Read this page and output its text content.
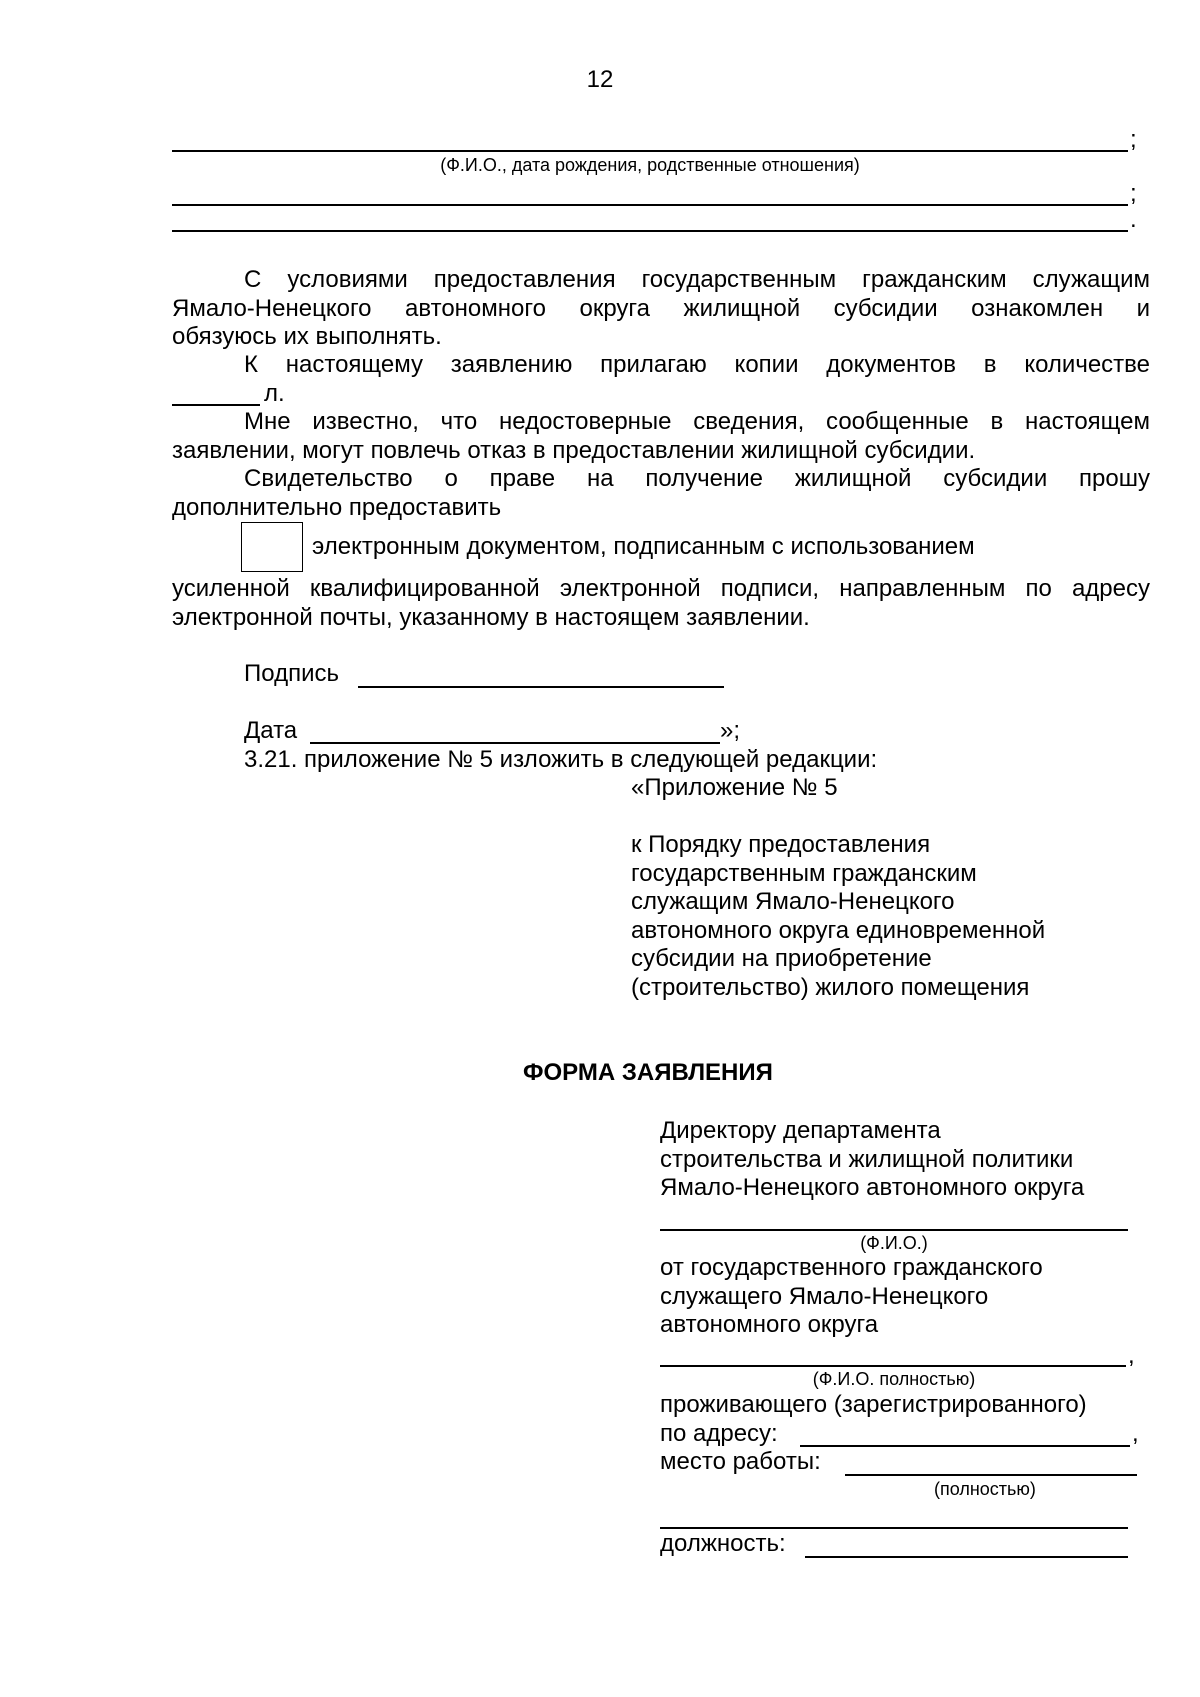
12
;
(Ф.И.О., дата рождения, родственные отношения)
;
.
С условиями предоставления государственным гражданским служащим
Ямало-Ненецкого автономного округа жилищной субсидии ознакомлен и
обязуюсь их выполнять.
К настоящему заявлению прилагаю копии документов в количестве
л.
Мне известно, что недостоверные сведения, сообщенные в настоящем
заявлении, могут повлечь отказ в предоставлении жилищной субсидии.
Свидетельство о праве на получение жилищной субсидии прошу
дополнительно предоставить
электронным документом, подписанным с использованием
усиленной квалифицированной электронной подписи, направленным по адресу
электронной почты, указанному в настоящем заявлении.
Подпись
Дата	»;
3.21. приложение № 5 изложить в следующей редакции:
«Приложение № 5
к Порядку предоставления
государственным гражданским
служащим Ямало-Ненецкого
автономного округа единовременной
субсидии на приобретение
(строительство) жилого помещения
ФОРМА ЗАЯВЛЕНИЯ
Директору департамента
строительства и жилищной политики
Ямало-Ненецкого автономного округа
(Ф.И.О.)
от государственного гражданского
служащего Ямало-Ненецкого
автономного округа
,
(Ф.И.О. полностью)
проживающего (зарегистрированного)
по адресу:	,
место работы:
(полностью)
должность:
